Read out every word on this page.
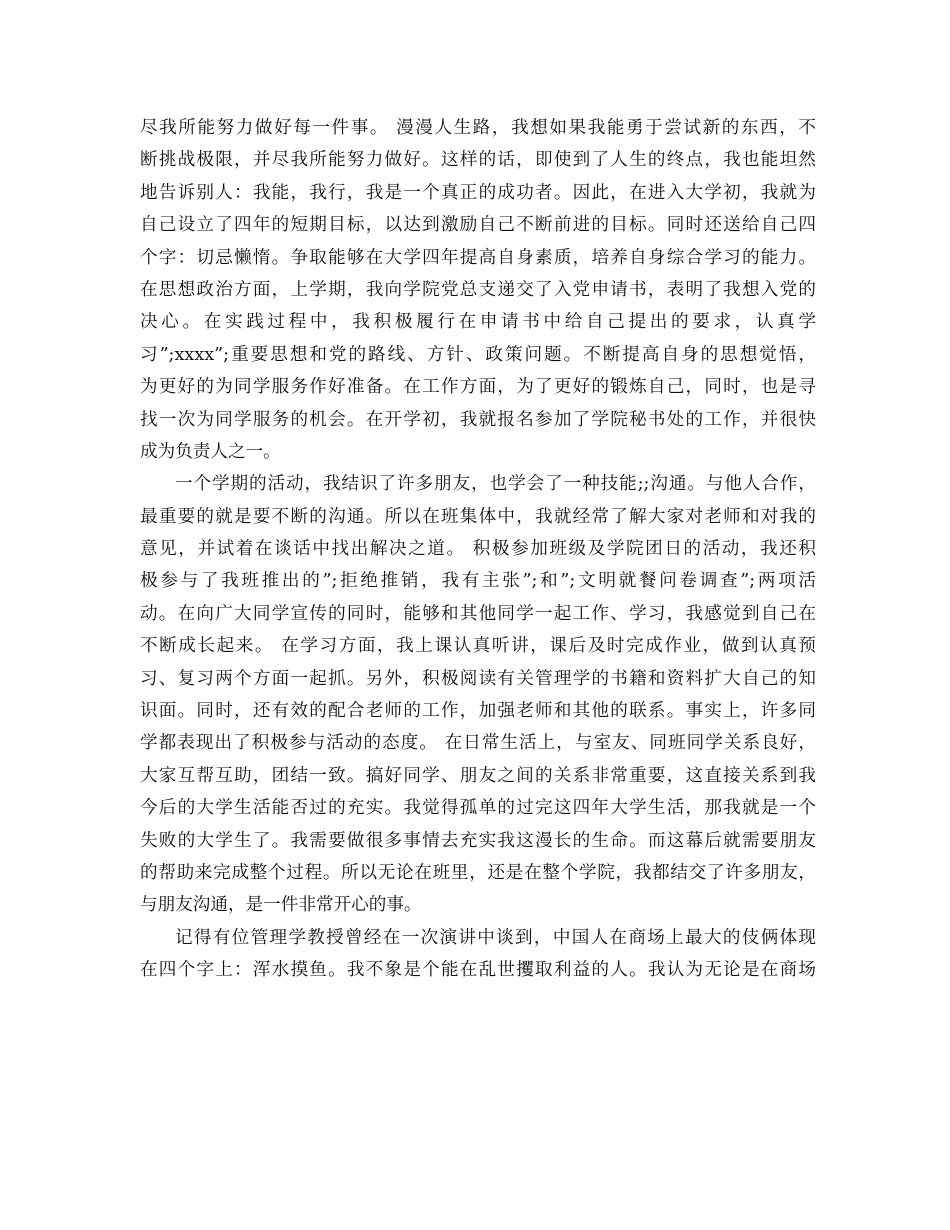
尽我所能努力做好每一件事。 漫漫人生路，我想如果我能勇于尝试新的东西，不
断挑战极限，并尽我所能努力做好。这样的话，即使到了人生的终点，我也能坦然
地告诉别人：我能，我行，我是一个真正的成功者。因此，在进入大学初，我就为
自己设立了四年的短期目标，以达到激励自己不断前进的目标。同时还送给自己四
个字：切忌懒惰。争取能够在大学四年提高自身素质，培养自身综合学习的能力。
在思想政治方面，上学期，我向学院党总支递交了入党申请书，表明了我想入党的
决心。在实践过程中，我积极履行在申请书中给自己提出的要求，认真学
习”;xxxx”;重要思想和党的路线、方针、政策问题。不断提高自身的思想觉悟，
为更好的为同学服务作好准备。在工作方面，为了更好的锻炼自己，同时，也是寻
找一次为同学服务的机会。在开学初，我就报名参加了学院秘书处的工作，并很快
成为负责人之一。
一个学期的活动，我结识了许多朋友，也学会了一种技能;;沟通。与他人合作，
最重要的就是要不断的沟通。所以在班集体中，我就经常了解大家对老师和对我的
意见，并试着在谈话中找出解决之道。 积极参加班级及学院团日的活动，我还积
极参与了我班推出的”;拒绝推销，我有主张”;和”;文明就餐问卷调查”;两项活
动。在向广大同学宣传的同时，能够和其他同学一起工作、学习，我感觉到自己在
不断成长起来。 在学习方面，我上课认真听讲，课后及时完成作业，做到认真预
习、复习两个方面一起抓。另外，积极阅读有关管理学的书籍和资料扩大自己的知
识面。同时，还有效的配合老师的工作，加强老师和其他的联系。事实上，许多同
学都表现出了积极参与活动的态度。 在日常生活上，与室友、同班同学关系良好，
大家互帮互助，团结一致。搞好同学、朋友之间的关系非常重要，这直接关系到我
今后的大学生活能否过的充实。我觉得孤单的过完这四年大学生活，那我就是一个
失败的大学生了。我需要做很多事情去充实我这漫长的生命。而这幕后就需要朋友
的帮助来完成整个过程。所以无论在班里，还是在整个学院，我都结交了许多朋友，
与朋友沟通，是一件非常开心的事。
记得有位管理学教授曾经在一次演讲中谈到，中国人在商场上最大的伎俩体现
在四个字上：浑水摸鱼。我不象是个能在乱世攫取利益的人。我认为无论是在商场
